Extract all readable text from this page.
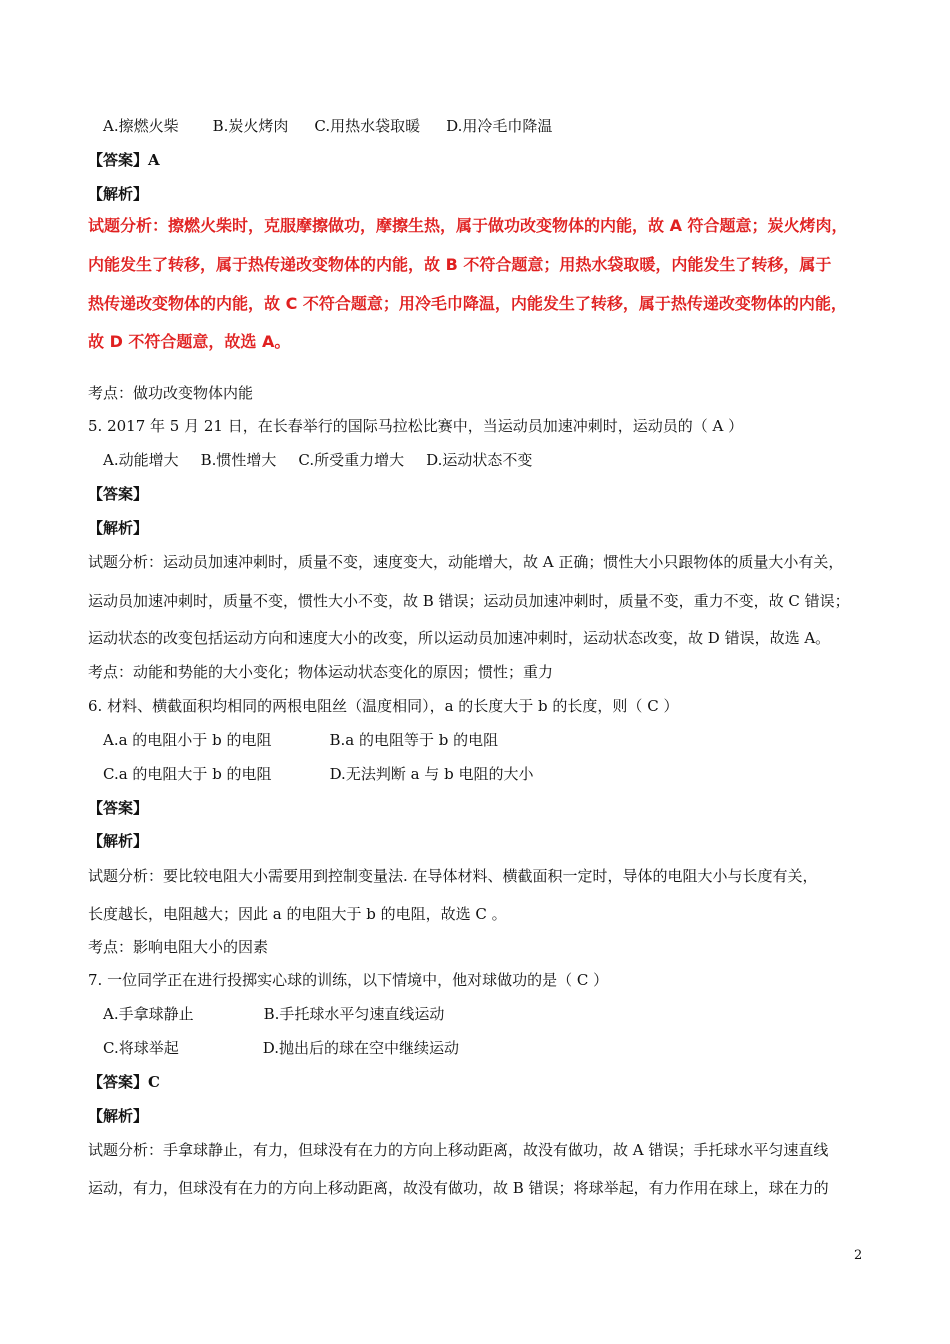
A.擦燃火柴 B.炭火烤肉 C.用热水袋取暖 D.用冷毛巾降温
【答案】A
【解析】
试题分析：擦燃火柴时，克服摩擦做功，摩擦生热，属于做功改变物体的内能，故 A 符合题意；炭火烤肉，
内能发生了转移，属于热传递改变物体的内能，故 B 不符合题意；用热水袋取暖，内能发生了转移，属于
热传递改变物体的内能，故 C 不符合题意；用冷毛巾降温，内能发生了转移，属于热传递改变物体的内能，
故 D 不符合题意，故选 A。
考点：做功改变物体内能
5. 2017 年 5 月 21 日，在长春举行的国际马拉松比赛中，当运动员加速冲刺时，运动员的（ A ）
A.动能增大 B.惯性增大 C.所受重力增大 D.运动状态不变
【答案】
【解析】
试题分析：运动员加速冲刺时，质量不变，速度变大，动能增大，故 A 正确；惯性大小只跟物体的质量大小有关，
运动员加速冲刺时，质量不变，惯性大小不变，故 B 错误；运动员加速冲刺时，质量不变，重力不变，故 C 错误；
运动状态的改变包括运动方向和速度大小的改变，所以运动员加速冲刺时，运动状态改变，故 D 错误，故选 A。
考点：动能和势能的大小变化；物体运动状态变化的原因；惯性；重力
6. 材料、横截面积均相同的两根电阻丝（温度相同），a 的长度大于 b 的长度，则（ C ）
A.a 的电阻小于 b 的电阻	B.a 的电阻等于 b 的电阻
C.a 的电阻大于 b 的电阻	D.无法判断 a 与 b 电阻的大小
【答案】
【解析】
试题分析：要比较电阻大小需要用到控制变量法. 在导体材料、横截面积一定时，导体的电阻大小与长度有关，
长度越长，电阻越大；因此 a 的电阻大于 b 的电阻，故选 C 。
考点：影响电阻大小的因素
7. 一位同学正在进行投掷实心球的训练，以下情境中，他对球做功的是（ C ）
A.手拿球静止	B.手托球水平匀速直线运动
C.将球举起	D.抛出后的球在空中继续运动
【答案】C
【解析】
试题分析：手拿球静止，有力，但球没有在力的方向上移动距离，故没有做功，故 A 错误；手托球水平匀速直线
运动，有力，但球没有在力的方向上移动距离，故没有做功，故 B 错误；将球举起，有力作用在球上，球在力的
2
